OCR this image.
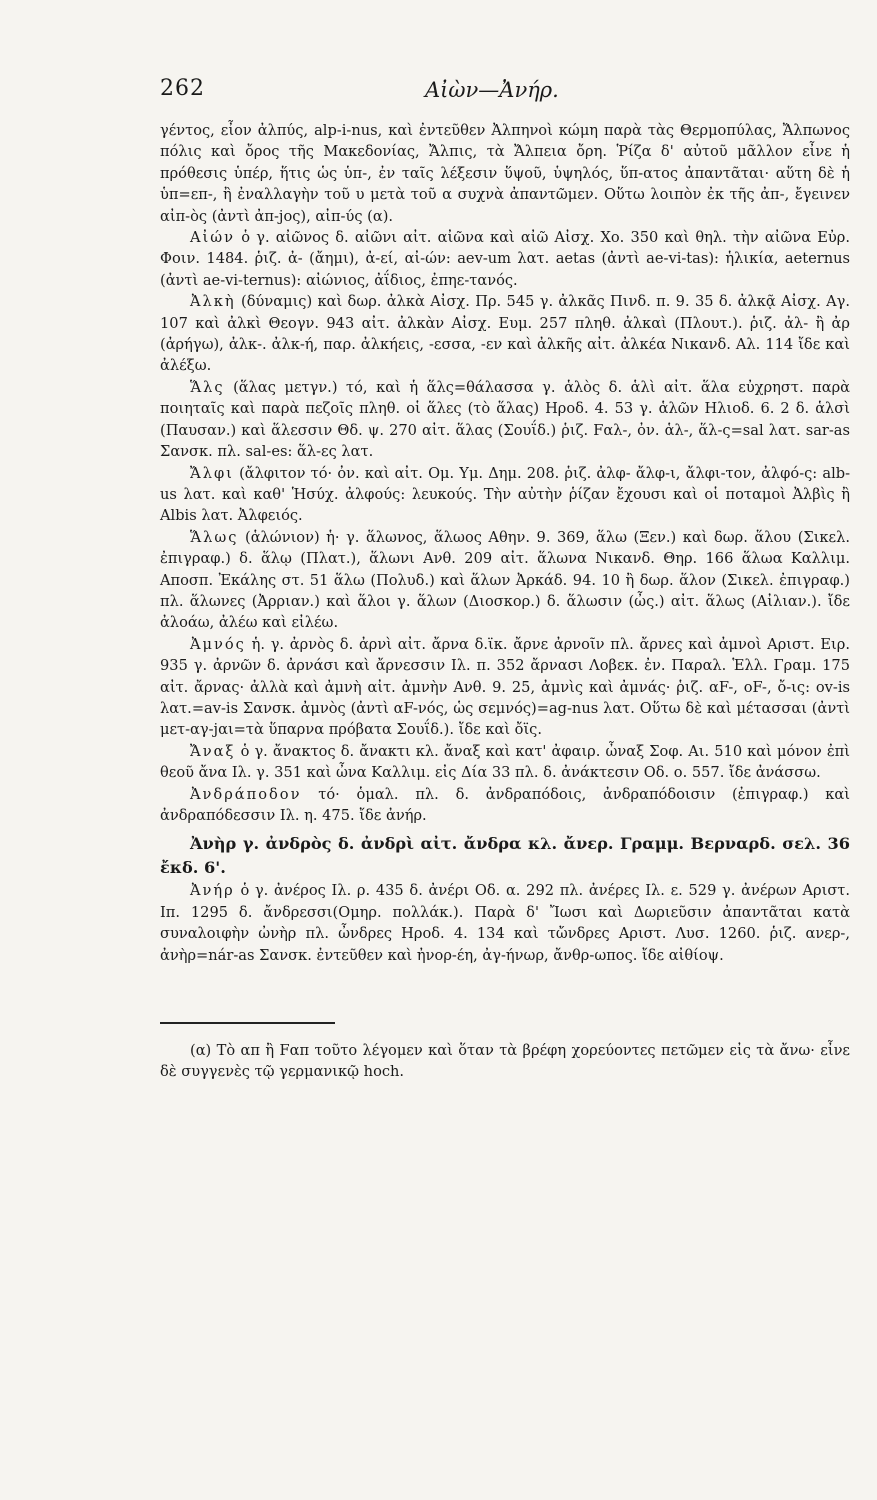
262	Αἰὼν—Ἀνήρ.

γέντος, εἶον ἀλπύς, alp-i-nus, καὶ ἐντεῦθεν Ἀλπηνοὶ κώμη παρὰ τὰς Θερμοπύλας, Ἄλπωνος πόλις καὶ ὄρος τῆς Μακεδονίας, Ἄλπις, τὰ Ἄλπεια ὄρη. Ῥίζα δ' αὐτοῦ μᾶλλον εἶνε ἡ πρόθεσις ὑπέρ, ἥτις ὡς ὑπ-, ἐν ταῖς λέξεσιν ὕψοῦ, ὑψηλός, ὕπ-ατος ἀπαντᾶται· αὕτη δὲ ἡ ὑπ=επ-, ἢ ἐναλλαγὴν τοῦ υ μετὰ τοῦ α συχνὰ ἀπαντῶμεν. Οὕτω λοιπὸν ἐκ τῆς ἀπ-, ἔγεινεν αἰπ-ὸς (ἀντὶ ἀπ-jος), αἰπ-ύς (α).

Αἰών ὁ γ. αἰῶνος δ. αἰῶνι αἰτ. αἰῶνα καὶ αἰῶ Αἰσχ. Χο. 350 καὶ θηλ. τὴν αἰῶνα Εὐρ. Φοιν. 1484. ῥιζ. ἀ- (ἄημι), ἀ-εί, αἰ-ών: aev-um λατ. aetas (ἀντὶ ae-vi-tas): ἡλικία, aeternus (ἀντὶ ae-vi-ternus): αἰώνιος, ἀΐδιος, ἐπηε-τανός.

Ἀλκὴ (δύναμις) καὶ δωρ. ἀλκὰ Αἰσχ. Πρ. 545 γ. ἀλκᾶς Πινδ. π. 9. 35 δ. ἀλκᾷ Αἰσχ. Αγ. 107 καὶ ἀλκὶ Θεογν. 943 αἰτ. ἀλκὰν Αἰσχ. Ευμ. 257 πληθ. ἀλκαὶ (Πλουτ.). ῥιζ. ἀλ- ἢ ἀρ (ἀρήγω), ἀλκ-. ἀλκ-ή, παρ. ἀλκήεις, -εσσα, -εν καὶ ἀλκῆς αἰτ. ἀλκέα Νικανδ. Αλ. 114 ἴδε καὶ ἀλέξω.

Ἅλς (ἅλας μετγν.) τό, καὶ ἡ ἅλς=θάλασσα γ. ἁλὸς δ. ἁλὶ αἰτ. ἅλα εὐχρηστ. παρὰ ποιηταῖς καὶ παρὰ πεζοῖς πληθ. οἱ ἅλες (τὸ ἅλας) Ηροδ. 4. 53 γ. ἁλῶν Ηλιοδ. 6. 2 δ. ἁλσὶ (Παυσαν.) καὶ ἅλεσσιν Θδ. ψ. 270 αἰτ. ἅλας (Σουΐδ.) ῥιζ. Fαλ-, ὀν. ἁλ-, ἅλ-ς=sal λατ. sar-as Σανσκ. πλ. sal-es: ἅλ-ες λατ.

Ἄλφι (ἄλφιτον τό· ὀν. καὶ αἰτ. Ομ. Υμ. Δημ. 208. ῥιζ. ἀλφ- ἄλφ-ι, ἄλφι-τον, ἀλφό-ς: alb-us λατ. καὶ καθ' Ἡσύχ. ἀλφούς: λευκούς. Τὴν αὐτὴν ῥίζαν ἔχουσι καὶ οἱ ποταμοὶ Ἀλβὶς ἢ Albis λατ. Ἀλφειός.

Ἅλως (ἁλώνιον) ἡ· γ. ἅλωνος, ἅλωος Αθην. 9. 369, ἅλω (Ξεν.) καὶ δωρ. ἅλου (Σικελ. ἐπιγραφ.) δ. ἅλῳ (Πλατ.), ἅλωνι Ανθ. 209 αἰτ. ἅλωνα Νικανδ. Θηρ. 166 ἅλωα Καλλιμ. Αποσπ. Ἐκάλης στ. 51 ἅλω (Πολυδ.) καὶ ἅλων Ἀρκάδ. 94. 10 ἢ δωρ. ἅλον (Σικελ. ἐπιγραφ.) πλ. ἅλωνες (Ἀρριαν.) καὶ ἅλοι γ. ἅλων (Διοσκορ.) δ. ἅλωσιν (ὦς.) αἰτ. ἅλως (Αἰλιαν.). ἴδε ἀλοάω, ἀλέω καὶ εἰλέω.

Ἀμνός ἡ. γ. ἀρνὸς δ. ἀρνὶ αἰτ. ἄρνα δ.ϊκ. ἄρνε ἀρνοῖν πλ. ἄρνες καὶ ἀμνοὶ Αριστ. Ειρ. 935 γ. ἀρνῶν δ. ἀρνάσι καὶ ἄρνεσσιν Ιλ. π. 352 ἄρνασι Λοβεκ. ἐν. Παραλ. Ἑλλ. Γραμ. 175 αἰτ. ἄρνας· ἀλλὰ καὶ ἀμνὴ αἰτ. ἀμνὴν Ανθ. 9. 25, ἀμνὶς καὶ ἀμνάς· ῥιζ. αF-, οF-, ὄ-ις: ov-is λατ.=av-is Σανσκ. ἀμνὸς (ἀντὶ αF-νός, ὡς σεμνός)=ag-nus λατ. Οὕτω δὲ καὶ μέτασσαι (ἀντὶ μετ-αγ-jαι=τὰ ὕπαρνα πρόβατα Σουΐδ.). ἴδε καὶ ὄϊς.

Ἄναξ ὁ γ. ἄνακτος δ. ἄνακτι κλ. ἄναξ καὶ κατ' ἀφαιρ. ὦναξ Σοφ. Αι. 510 καὶ μόνον ἐπὶ θεοῦ ἄνα Ιλ. γ. 351 καὶ ὦνα Καλλιμ. εἰς Δία 33 πλ. δ. ἀνάκτεσιν Οδ. ο. 557. ἴδε ἀνάσσω.

Ἀνδράποδον τό· ὁμαλ. πλ. δ. ἀνδραπόδοις, ἀνδραπόδοισιν (ἐπιγραφ.) καὶ ἀνδραπόδεσσιν Ιλ. η. 475. ἴδε ἀνήρ.

Ἀνὴρ γ. ἀνδρὸς δ. ἀνδρὶ αἰτ. ἄνδρα κλ. ἄνερ. Γραμμ. Βερναρδ. σελ. 36 ἔκδ. 6'.

Ἀνήρ ὁ γ. ἀνέρος Ιλ. ρ. 435 δ. ἀνέρι Οδ. α. 292 πλ. ἀνέρες Ιλ. ε. 529 γ. ἀνέρων Αριστ. Ιπ. 1295 δ. ἄνδρεσσι(Ομηρ. πολλάκ.). Παρὰ δ' Ἴωσι καὶ Δωριεῦσιν ἀπαντᾶται κατὰ συναλοιφὴν ὠνὴρ πλ. ὦνδρες Ηροδ. 4. 134 καὶ τὤνδρες Αριστ. Λυσ. 1260. ῥιζ. ανερ-, ἀνὴρ=nár-as Σανσκ. ἐντεῦθεν καὶ ἠνορ-έη, ἀγ-ήνωρ, ἄνθρ-ωπος. ἴδε αἰθίοψ.

(α) Τὸ απ ἢ Fαπ τοῦτο λέγομεν καὶ ὅταν τὰ βρέφη χορεύοντες πετῶμεν εἰς τὰ ἄνω· εἶνε δὲ συγγενὲς τῷ γερμανικῷ hoch.
